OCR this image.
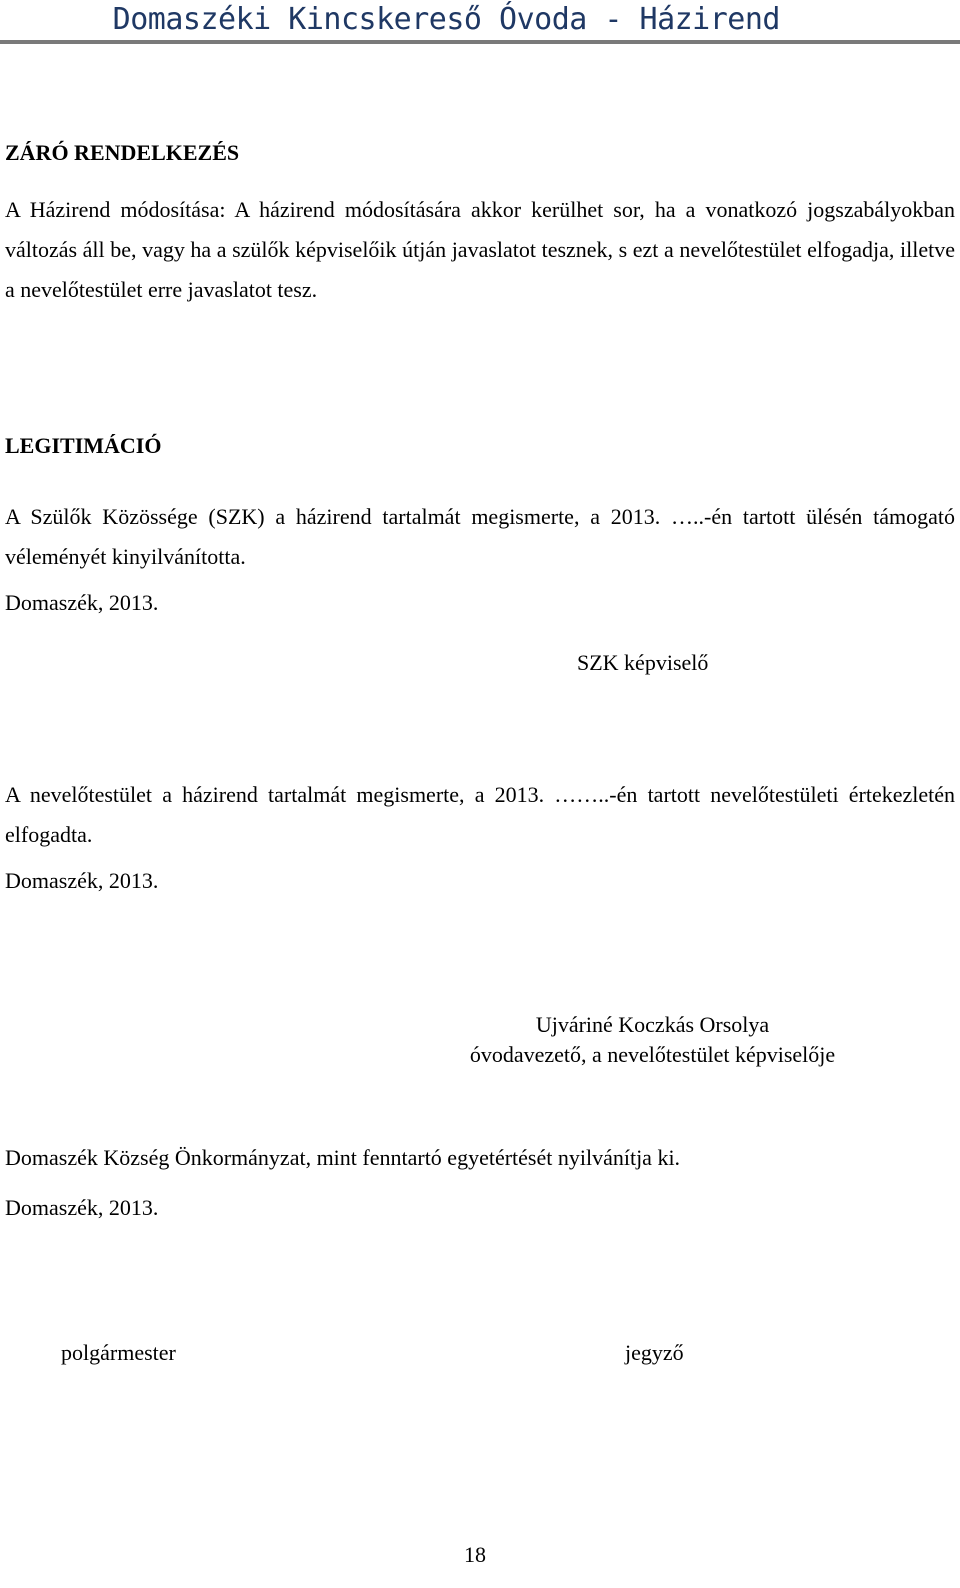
Domaszéki Kincskereső Óvoda - Házirend
ZÁRÓ RENDELKEZÉS
A Házirend módosítása: A házirend módosítására akkor kerülhet sor, ha a vonatkozó jogszabályokban változás áll be, vagy ha a szülők képviselőik útján javaslatot tesznek, s ezt a nevelőtestület elfogadja, illetve a nevelőtestület erre javaslatot tesz.
LEGITIMÁCIÓ
A Szülők Közössége (SZK) a házirend tartalmát megismerte, a 2013. …..-én tartott ülésén támogató véleményét kinyilvánította.
Domaszék, 2013.
SZK képviselő
A nevelőtestület a házirend tartalmát megismerte, a 2013. ……..-én tartott nevelőtestületi értekezletén elfogadta.
Domaszék, 2013.
Ujváriné Koczkás Orsolya
óvodavezető, a nevelőtestület képviselője
Domaszék Község Önkormányzat, mint fenntartó egyetértését nyilvánítja ki.
Domaszék, 2013.
polgármester	jegyző
18
